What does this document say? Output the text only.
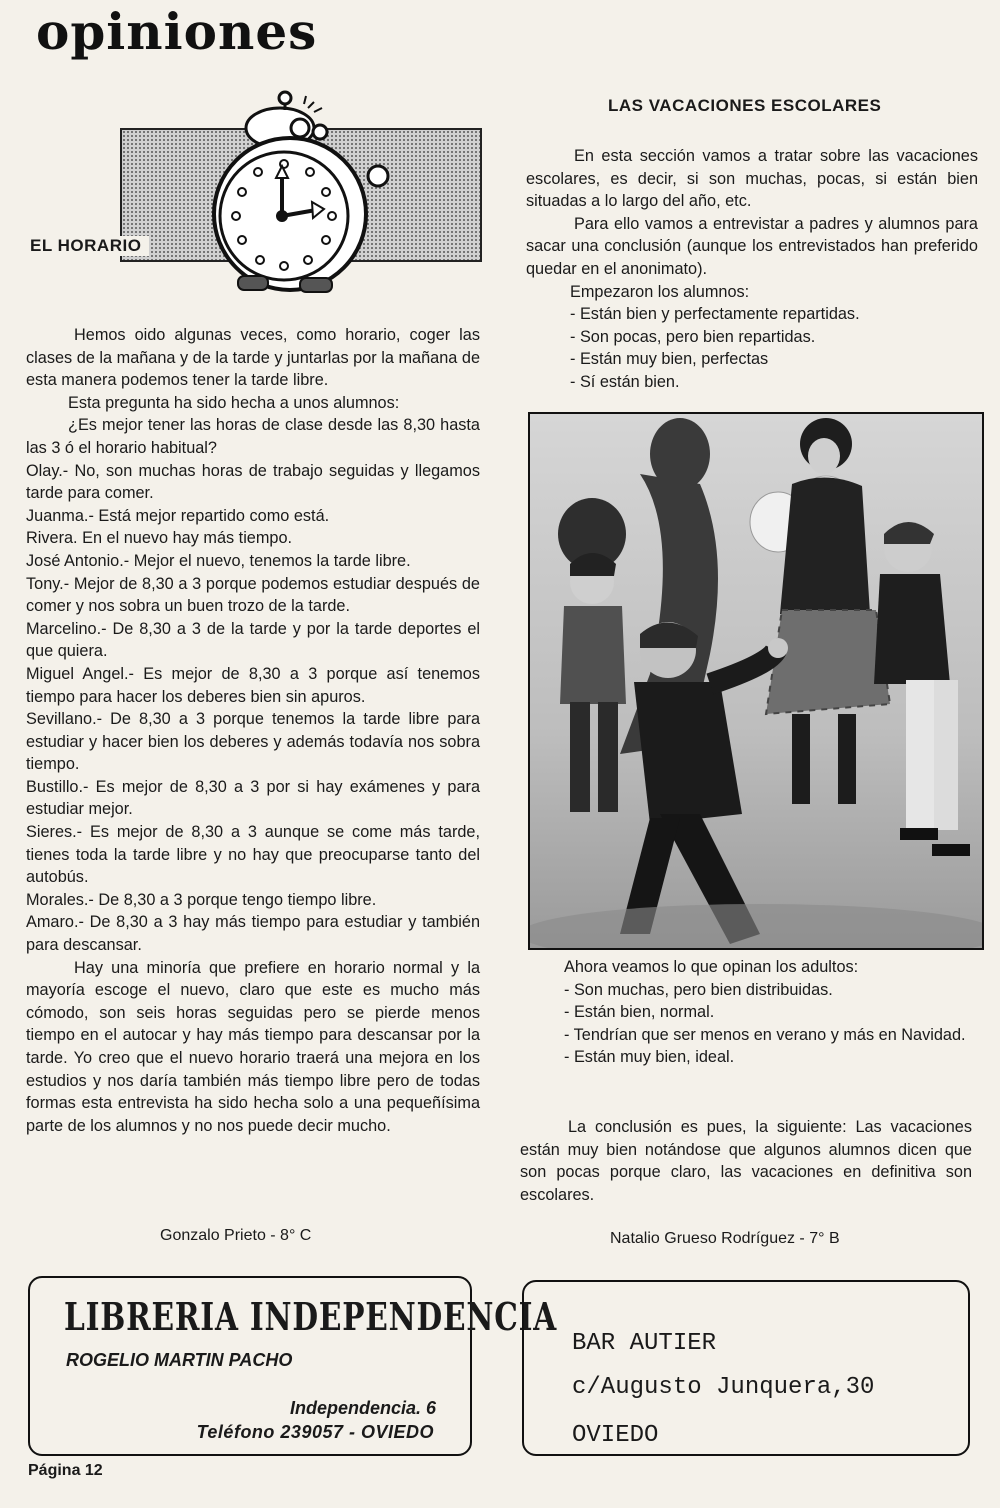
opiniones
EL HORARIO

Hemos oido algunas veces, como horario, coger las clases de la mañana y de la tarde y juntarlas por la mañana de esta manera podemos tener la tarde libre.

Esta pregunta ha sido hecha a unos alumnos:

¿Es mejor tener las horas de clase desde las 8,30 hasta las 3 ó el horario habitual?

Olay.- No, son muchas horas de trabajo seguidas y llegamos tarde para comer.

Juanma.- Está mejor repartido como está.

Rivera. En el nuevo hay más tiempo.

José Antonio.- Mejor el nuevo, tenemos la tarde libre.

Tony.- Mejor de 8,30 a 3 porque podemos estudiar después de comer y nos sobra un buen trozo de la tarde.

Marcelino.- De 8,30 a 3 de la tarde y por la tarde deportes el que quiera.

Miguel Angel.- Es mejor de 8,30 a 3 porque así tenemos tiempo para hacer los deberes bien sin apuros.

Sevillano.- De 8,30 a 3 porque tenemos la tarde libre para estudiar y hacer bien los deberes y además todavía nos sobra tiempo.

Bustillo.- Es mejor de 8,30 a 3 por si hay exámenes y para estudiar mejor.

Sieres.- Es mejor de 8,30 a 3 aunque se come más tarde, tienes toda la tarde libre y no hay que preocuparse tanto del autobús.

Morales.- De 8,30 a 3 porque tengo tiempo libre.

Amaro.- De 8,30 a 3 hay más tiempo para estudiar y también para descansar.

Hay una minoría que prefiere en horario normal y la mayoría escoge el nuevo, claro que este es mucho más cómodo, son seis horas seguidas pero se pierde menos tiempo en el autocar y hay más tiempo para descansar por la tarde. Yo creo que el nuevo horario traerá una mejora en los estudios y nos daría también más tiempo libre pero de todas formas esta entrevista ha sido hecha solo a una pequeñísima parte de los alumnos y no nos puede decir mucho.

Gonzalo Prieto - 8° C
LAS VACACIONES ESCOLARES

En esta sección vamos a tratar sobre las vacaciones escolares, es decir, si son muchas, pocas, si están bien situadas a lo largo del año, etc.

Para ello vamos a entrevistar a padres y alumnos para sacar una conclusión (aunque los entrevistados han preferido quedar en el anonimato).

Empezaron los alumnos:

- Están bien y perfectamente repartidas.

- Son pocas, pero bien repartidas.

- Están muy bien, perfectas

- Sí están bien.

Ahora veamos lo que opinan los adultos:

- Son muchas, pero bien distribuidas.

- Están bien, normal.

- Tendrían que ser menos en verano y más en Navidad.

- Están muy bien, ideal.

La conclusión es pues, la siguiente: Las vacaciones están muy bien notándose que algunos alumnos dicen que son pocas porque claro, las vacaciones en definitiva son escolares.

Natalio Grueso Rodríguez - 7° B
LIBRERIA INDEPENDENCIA
ROGELIO MARTIN PACHO
Independencia. 6
Teléfono 239057 - OVIEDO
BAR AUTIER
c/Augusto Junquera,30
OVIEDO
Página 12
